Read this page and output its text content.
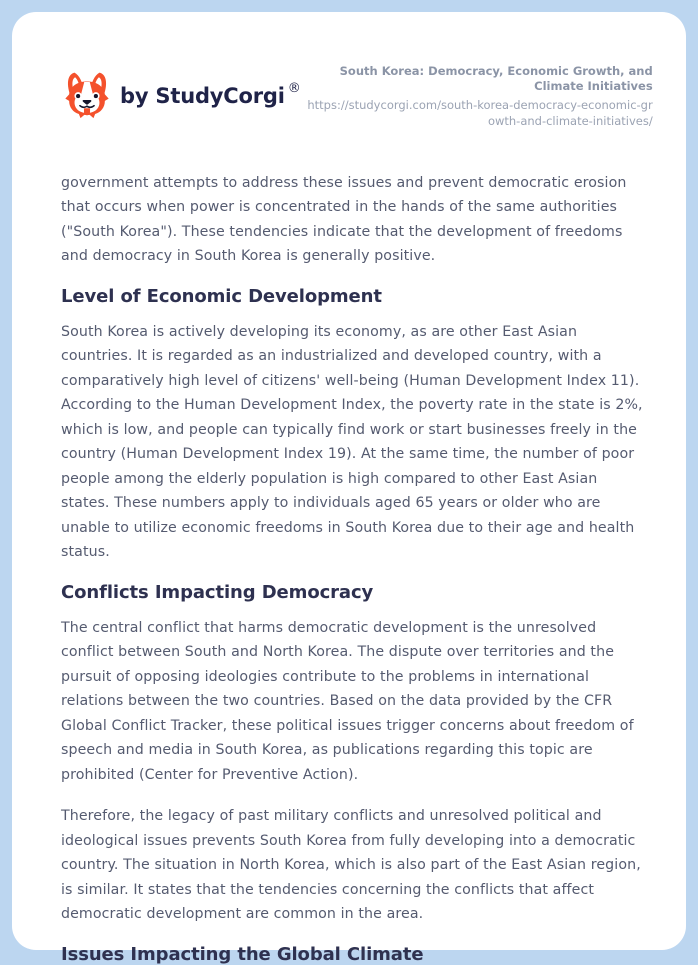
by StudyCorgi ®
South Korea: Democracy, Economic Growth, and Climate Initiatives
https://studycorgi.com/south-korea-democracy-economic-growth-and-climate-initiatives/

government attempts to address these issues and prevent democratic erosion that occurs when power is concentrated in the hands of the same authorities ("South Korea"). These tendencies indicate that the development of freedoms and democracy in South Korea is generally positive.

Level of Economic Development

South Korea is actively developing its economy, as are other East Asian countries. It is regarded as an industrialized and developed country, with a comparatively high level of citizens' well-being (Human Development Index 11). According to the Human Development Index, the poverty rate in the state is 2%, which is low, and people can typically find work or start businesses freely in the country (Human Development Index 19). At the same time, the number of poor people among the elderly population is high compared to other East Asian states. These numbers apply to individuals aged 65 years or older who are unable to utilize economic freedoms in South Korea due to their age and health status.

Conflicts Impacting Democracy

The central conflict that harms democratic development is the unresolved conflict between South and North Korea. The dispute over territories and the pursuit of opposing ideologies contribute to the problems in international relations between the two countries. Based on the data provided by the CFR Global Conflict Tracker, these political issues trigger concerns about freedom of speech and media in South Korea, as publications regarding this topic are prohibited (Center for Preventive Action).

Therefore, the legacy of past military conflicts and unresolved political and ideological issues prevents South Korea from fully developing into a democratic country. The situation in North Korea, which is also part of the East Asian region, is similar. It states that the tendencies concerning the conflicts that affect democratic development are common in the area.

Issues Impacting the Global Climate
